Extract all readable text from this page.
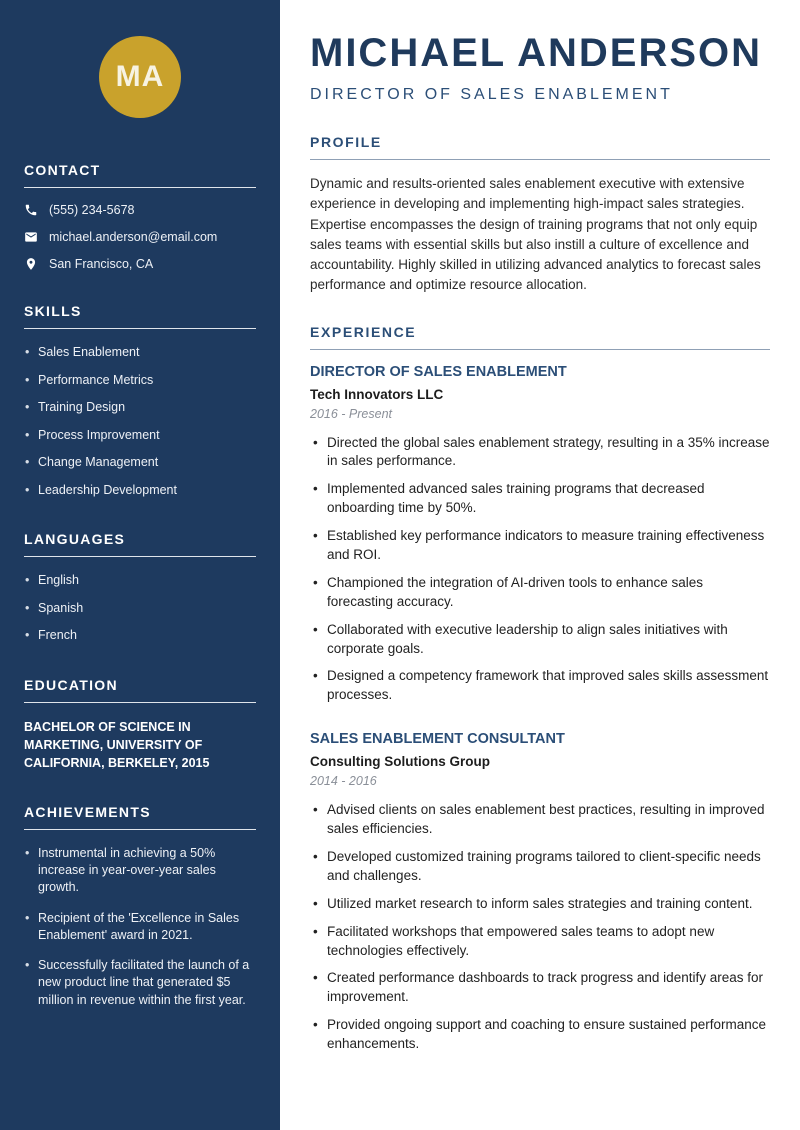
MA
CONTACT
(555) 234-5678
michael.anderson@email.com
San Francisco, CA
SKILLS
• Sales Enablement
• Performance Metrics
• Training Design
• Process Improvement
• Change Management
• Leadership Development
LANGUAGES
• English
• Spanish
• French
EDUCATION

BACHELOR OF SCIENCE IN MARKETING, UNIVERSITY OF CALIFORNIA, BERKELEY, 2015

ACHIEVEMENTS
• Instrumental in achieving a 50% increase in year-over-year sales growth.
• Recipient of the 'Excellence in Sales Enablement' award in 2021.
• Successfully facilitated the launch of a new product line that generated $5 million in revenue within the first year.
MICHAEL ANDERSON
DIRECTOR OF SALES ENABLEMENT
PROFILE

Dynamic and results-oriented sales enablement executive with extensive experience in developing and implementing high-impact sales strategies. Expertise encompasses the design of training programs that not only equip sales teams with essential skills but also instill a culture of excellence and accountability. Highly skilled in utilizing advanced analytics to forecast sales performance and optimize resource allocation.

EXPERIENCE
DIRECTOR OF SALES ENABLEMENT

Tech Innovators LLC

2016 - Present

• Directed the global sales enablement strategy, resulting in a 35% increase in sales performance.
• Implemented advanced sales training programs that decreased onboarding time by 50%.
• Established key performance indicators to measure training effectiveness and ROI.
• Championed the integration of AI-driven tools to enhance sales forecasting accuracy.
• Collaborated with executive leadership to align sales initiatives with corporate goals.
• Designed a competency framework that improved sales skills assessment processes.
SALES ENABLEMENT CONSULTANT

Consulting Solutions Group

2014 - 2016

• Advised clients on sales enablement best practices, resulting in improved sales efficiencies.
• Developed customized training programs tailored to client-specific needs and challenges.
• Utilized market research to inform sales strategies and training content.
• Facilitated workshops that empowered sales teams to adopt new technologies effectively.
• Created performance dashboards to track progress and identify areas for improvement.
• Provided ongoing support and coaching to ensure sustained performance enhancements.
